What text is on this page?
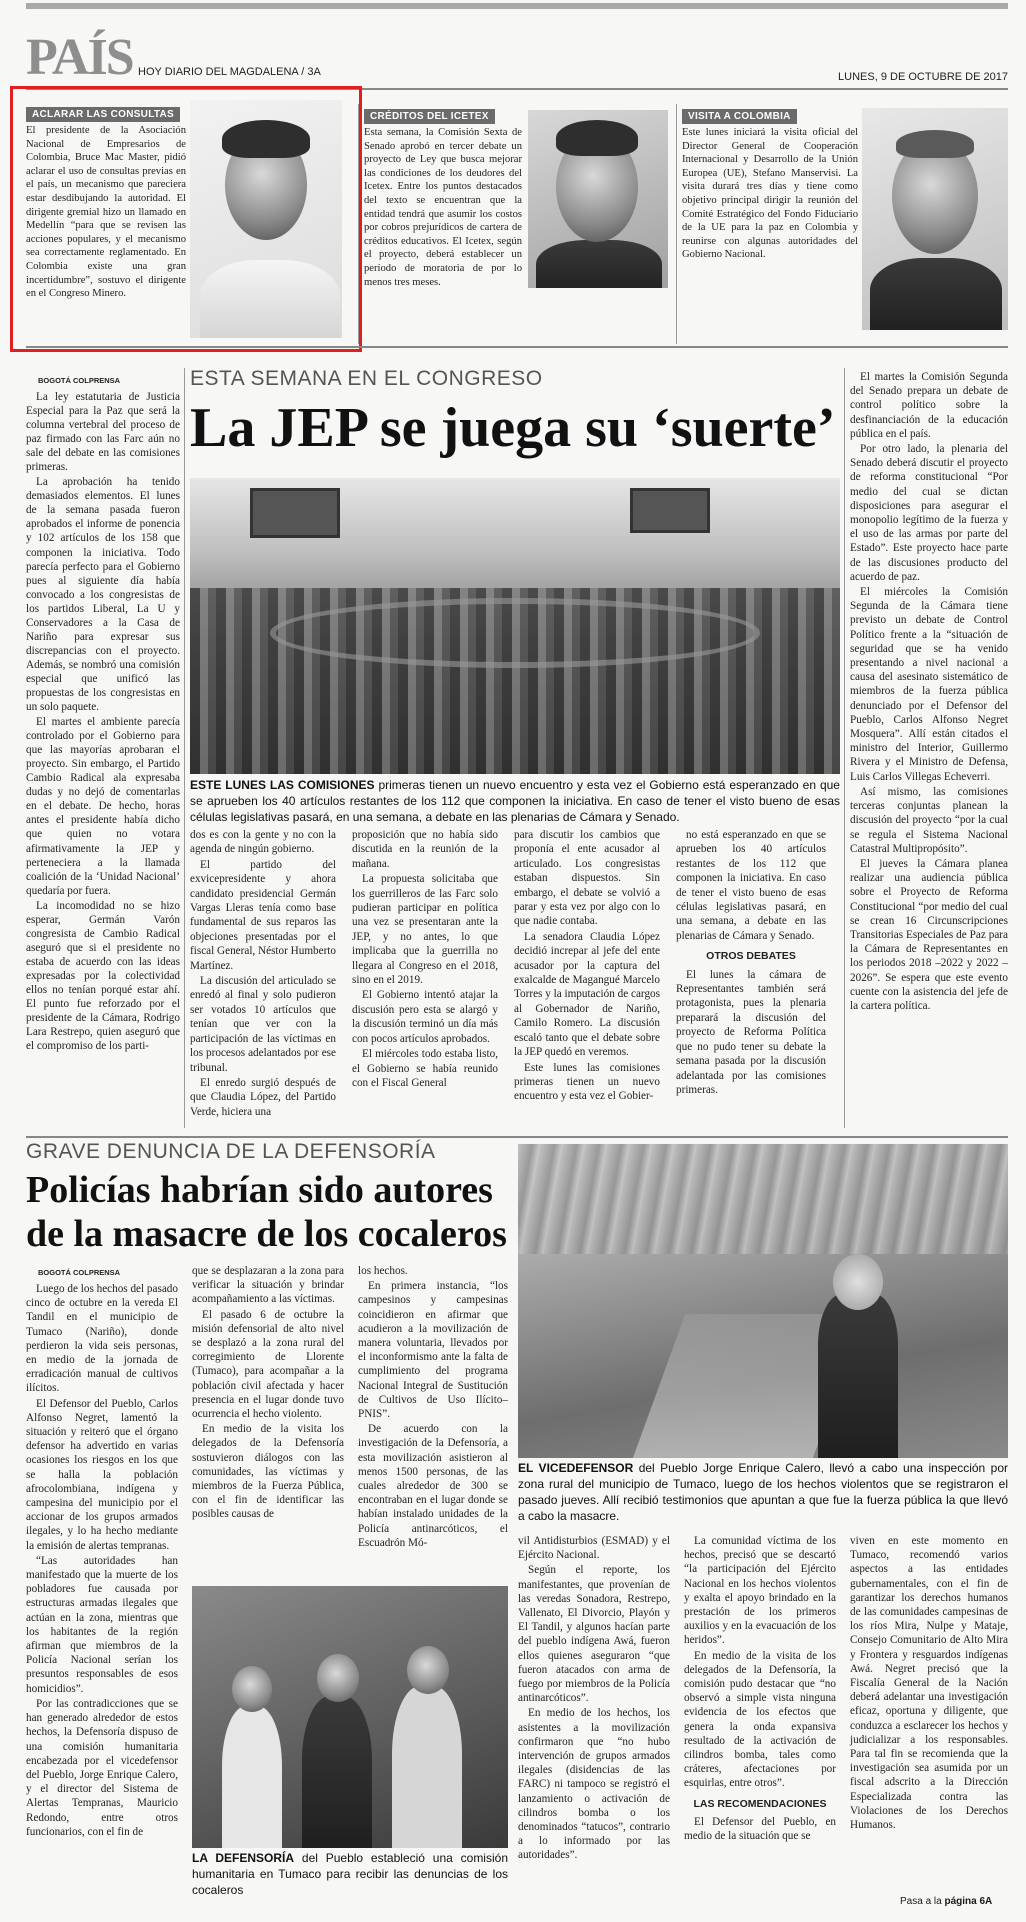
PAÍS HOY DIARIO DEL MAGDALENA / 3A	LUNES, 9 DE OCTUBRE DE 2017
ACLARAR LAS CONSULTAS
El presidente de la Asociación Nacional de Empresarios de Colombia, Bruce Mac Master, pidió aclarar el uso de consultas previas en el país, un mecanismo que pareciera estar desdibujando la autoridad. El dirigente gremial hizo un llamado en Medellín “para que se revisen las acciones populares, y el mecanismo sea correctamente reglamentado. En Colombia existe una gran incertidumbre”, sostuvo el dirigente en el Congreso Minero.
CRÉDITOS DEL ICETEX
Esta semana, la Comisión Sexta de Senado aprobó en tercer debate un proyecto de Ley que busca mejorar las condiciones de los deudores del Icetex. Entre los puntos destacados del texto se encuentran que la entidad tendrá que asumir los costos por cobros prejurídicos de cartera de créditos educativos. El Icetex, según el proyecto, deberá establecer un período de moratoria de por lo menos tres meses.
VISITA A COLOMBIA
Este lunes iniciará la visita oficial del Director General de Cooperación Internacional y Desarrollo de la Unión Europea (UE), Stefano Manservisi. La visita durará tres días y tiene como objetivo principal dirigir la reunión del Comité Estratégico del Fondo Fiduciario de la UE para la paz en Colombia y reunirse con algunas autoridades del Gobierno Nacional.
BOGOTÁ COLPRENSA

La ley estatutaria de Justicia Especial para la Paz que será la columna vertebral del proceso de paz firmado con las Farc aún no sale del debate en las comisiones primeras.

La aprobación ha tenido demasiados elementos. El lunes de la semana pasada fueron aprobados el informe de ponencia y 102 artículos de los 158 que componen la iniciativa. Todo parecía perfecto para el Gobierno pues al siguiente día había convocado a los congresistas de los partidos Liberal, La U y Conservadores a la Casa de Nariño para expresar sus discrepancias con el proyecto. Además, se nombró una comisión especial que unificó las propuestas de los congresistas en un solo paquete.

El martes el ambiente parecía controlado por el Gobierno para que las mayorías aprobaran el proyecto. Sin embargo, el Partido Cambio Radical ala expresaba dudas y no dejó de comentarlas en el debate. De hecho, horas antes el presidente había dicho que quien no votara afirmativamente la JEP y perteneciera a la llamada coalición de la ‘Unidad Nacional’ quedaría por fuera.

La incomodidad no se hizo esperar, Germán Varón congresista de Cambio Radical aseguró que si el presidente no estaba de acuerdo con las ideas expresadas por la colectividad ellos no tenían porqué estar ahí. El punto fue reforzado por el presidente de la Cámara, Rodrigo Lara Restrepo, quien aseguró que el compromiso de los parti-

ESTA SEMANA EN EL CONGRESO
La JEP se juega su ‘suerte’
ESTE LUNES LAS COMISIONES primeras tienen un nuevo encuentro y esta vez el Gobierno está esperanzado en que se aprueben los 40 artículos restantes de los 112 que componen la iniciativa. En caso de tener el visto bueno de esas células legislativas pasará, en una semana, a debate en las plenarias de Cámara y Senado.

dos es con la gente y no con la agenda de ningún gobierno.

El partido del exvicepresidente y ahora candidato presidencial Germán Vargas Lleras tenía como base fundamental de sus reparos las objeciones presentadas por el fiscal General, Néstor Humberto Martínez.

La discusión del articulado se enredó al final y solo pudieron ser votados 10 artículos que tenían que ver con la participación de las víctimas en los procesos adelantados por ese tribunal.

El enredo surgió después de que Claudia López, del Partido Verde, hiciera una

proposición que no había sido discutida en la reunión de la mañana.

La propuesta solicitaba que los guerrilleros de las Farc solo pudieran participar en política una vez se presentaran ante la JEP, y no antes, lo que implicaba que la guerrilla no llegara al Congreso en el 2018, sino en el 2019.

El Gobierno intentó atajar la discusión pero esta se alargó y la discusión terminó un día más con pocos artículos aprobados.

El miércoles todo estaba listo, el Gobierno se había reunido con el Fiscal General

para discutir los cambios que proponía el ente acusador al articulado. Los congresistas estaban dispuestos. Sin embargo, el debate se volvió a parar y esta vez por algo con lo que nadie contaba.

La senadora Claudia López decidió increpar al jefe del ente acusador por la captura del exalcalde de Magangué Marcelo Torres y la imputación de cargos al Gobernador de Nariño, Camilo Romero. La discusión escaló tanto que el debate sobre la JEP quedó en veremos.

Este lunes las comisiones primeras tienen un nuevo encuentro y esta vez el Gobier-

no está esperanzado en que se aprueben los 40 artículos restantes de los 112 que componen la iniciativa. En caso de tener el visto bueno de esas células legislativas pasará, en una semana, a debate en las plenarias de Cámara y Senado.

OTROS DEBATES

El lunes la cámara de Representantes también será protagonista, pues la plenaria preparará la discusión del proyecto de Reforma Política que no pudo tener su debate la semana pasada por la discusión adelantada por las comisiones primeras.

El martes la Comisión Segunda del Senado prepara un debate de control político sobre la desfinanciación de la educación pública en el país.

Por otro lado, la plenaria del Senado deberá discutir el proyecto de reforma constitucional “Por medio del cual se dictan disposiciones para asegurar el monopolio legítimo de la fuerza y el uso de las armas por parte del Estado”. Este proyecto hace parte de las discusiones producto del acuerdo de paz.

El miércoles la Comisión Segunda de la Cámara tiene previsto un debate de Control Político frente a la “situación de seguridad que se ha venido presentando a nivel nacional a causa del asesinato sistemático de miembros de la fuerza pública denunciado por el Defensor del Pueblo, Carlos Alfonso Negret Mosquera”. Allí están citados el ministro del Interior, Guillermo Rivera y el Ministro de Defensa, Luis Carlos Villegas Echeverri.

Así mismo, las comisiones terceras conjuntas planean la discusión del proyecto “por la cual se regula el Sistema Nacional Catastral Multipropósito”.

El jueves la Cámara planea realizar una audiencia pública sobre el Proyecto de Reforma Constitucional “por medio del cual se crean 16 Circunscripciones Transitorias Especiales de Paz para la Cámara de Representantes en los periodos 2018 –2022 y 2022 –2026”. Se espera que este evento cuente con la asistencia del jefe de la cartera política.

GRAVE DENUNCIA DE LA DEFENSORÍA
Policías habrían sido autores
de la masacre de los cocaleros
EL VICEDEFENSOR del Pueblo Jorge Enrique Calero, llevó a cabo una inspección por zona rural del municipio de Tumaco, luego de los hechos violentos que se registraron el pasado jueves. Allí recibió testimonios que apuntan a que fue la fuerza pública la que llevó a cabo la masacre.
BOGOTÁ COLPRENSA

Luego de los hechos del pasado cinco de octubre en la vereda El Tandil en el municipio de Tumaco (Nariño), donde perdieron la vida seis personas, en medio de la jornada de erradicación manual de cultivos ilícitos.

El Defensor del Pueblo, Carlos Alfonso Negret, lamentó la situación y reiteró que el órgano defensor ha advertido en varias ocasiones los riesgos en los que se halla la población afrocolombiana, indígena y campesina del municipio por el accionar de los grupos armados ilegales, y lo ha hecho mediante la emisión de alertas tempranas.

“Las autoridades han manifestado que la muerte de los pobladores fue causada por estructuras armadas ilegales que actúan en la zona, mientras que los habitantes de la región afirman que miembros de la Policía Nacional serían los presuntos responsables de esos homicidios”.

Por las contradicciones que se han generado alrededor de estos hechos, la Defensoría dispuso de una comisión humanitaria encabezada por el vicedefensor del Pueblo, Jorge Enrique Calero, y el director del Sistema de Alertas Tempranas, Mauricio Redondo, entre otros funcionarios, con el fin de

que se desplazaran a la zona para verificar la situación y brindar acompañamiento a las víctimas.

El pasado 6 de octubre la misión defensorial de alto nivel se desplazó a la zona rural del corregimiento de Llorente (Tumaco), para acompañar a la población civil afectada y hacer presencia en el lugar donde tuvo ocurrencia el hecho violento.

En medio de la visita los delegados de la Defensoría sostuvieron diálogos con las comunidades, las víctimas y miembros de la Fuerza Pública, con el fin de identificar las posibles causas de

los hechos.

En primera instancia, “los campesinos y campesinas coincidieron en afirmar que acudieron a la movilización de manera voluntaria, llevados por el inconformismo ante la falta de cumplimiento del programa Nacional Integral de Sustitución de Cultivos de Uso Ilícito– PNIS”.

De acuerdo con la investigación de la Defensoría, a esta movilización asistieron al menos 1500 personas, de las cuales alrededor de 300 se encontraban en el lugar donde se habían instalado unidades de la Policía antinarcóticos, el Escuadrón Mó-

LA DEFENSORÍA del Pueblo estableció una comisión humanitaria en Tumaco para recibir las denuncias de los cocaleros

vil Antidisturbios (ESMAD) y el Ejército Nacional.

Según el reporte, los manifestantes, que provenían de las veredas Sonadora, Restrepo, Vallenato, El Divorcio, Playón y El Tandil, y algunos hacían parte del pueblo indígena Awá, fueron ellos quienes aseguraron “que fueron atacados con arma de fuego por miembros de la Policía antinarcóticos”.

En medio de los hechos, los asistentes a la movilización confirmaron que “no hubo intervención de grupos armados ilegales (disidencias de las FARC) ni tampoco se registró el lanzamiento o activación de cilindros bomba o los denominados “tatucos”, contrario a lo informado por las autoridades”.

La comunidad víctima de los hechos, precisó que se descartó “la participación del Ejército Nacional en los hechos violentos y exalta el apoyo brindado en la prestación de los primeros auxilios y en la evacuación de los heridos”.

En medio de la visita de los delegados de la Defensoría, la comisión pudo destacar que “no observó a simple vista ninguna evidencia de los efectos que genera la onda expansiva resultado de la activación de cilindros bomba, tales como cráteres, afectaciones por esquirlas, entre otros”.

LAS RECOMENDACIONES

El Defensor del Pueblo, en medio de la situación que se

viven en este momento en Tumaco, recomendó varios aspectos a las entidades gubernamentales, con el fin de garantizar los derechos humanos de las comunidades campesinas de los ríos Mira, Nulpe y Mataje, Consejo Comunitario de Alto Mira y Frontera y resguardos indígenas Awá. Negret precisó que la Fiscalía General de la Nación deberá adelantar una investigación eficaz, oportuna y diligente, que conduzca a esclarecer los hechos y judicializar a los responsables. Para tal fin se recomienda que la investigación sea asumida por un fiscal adscrito a la Dirección Especializada contra las Violaciones de los Derechos Humanos.

Pasa a la página 6A
